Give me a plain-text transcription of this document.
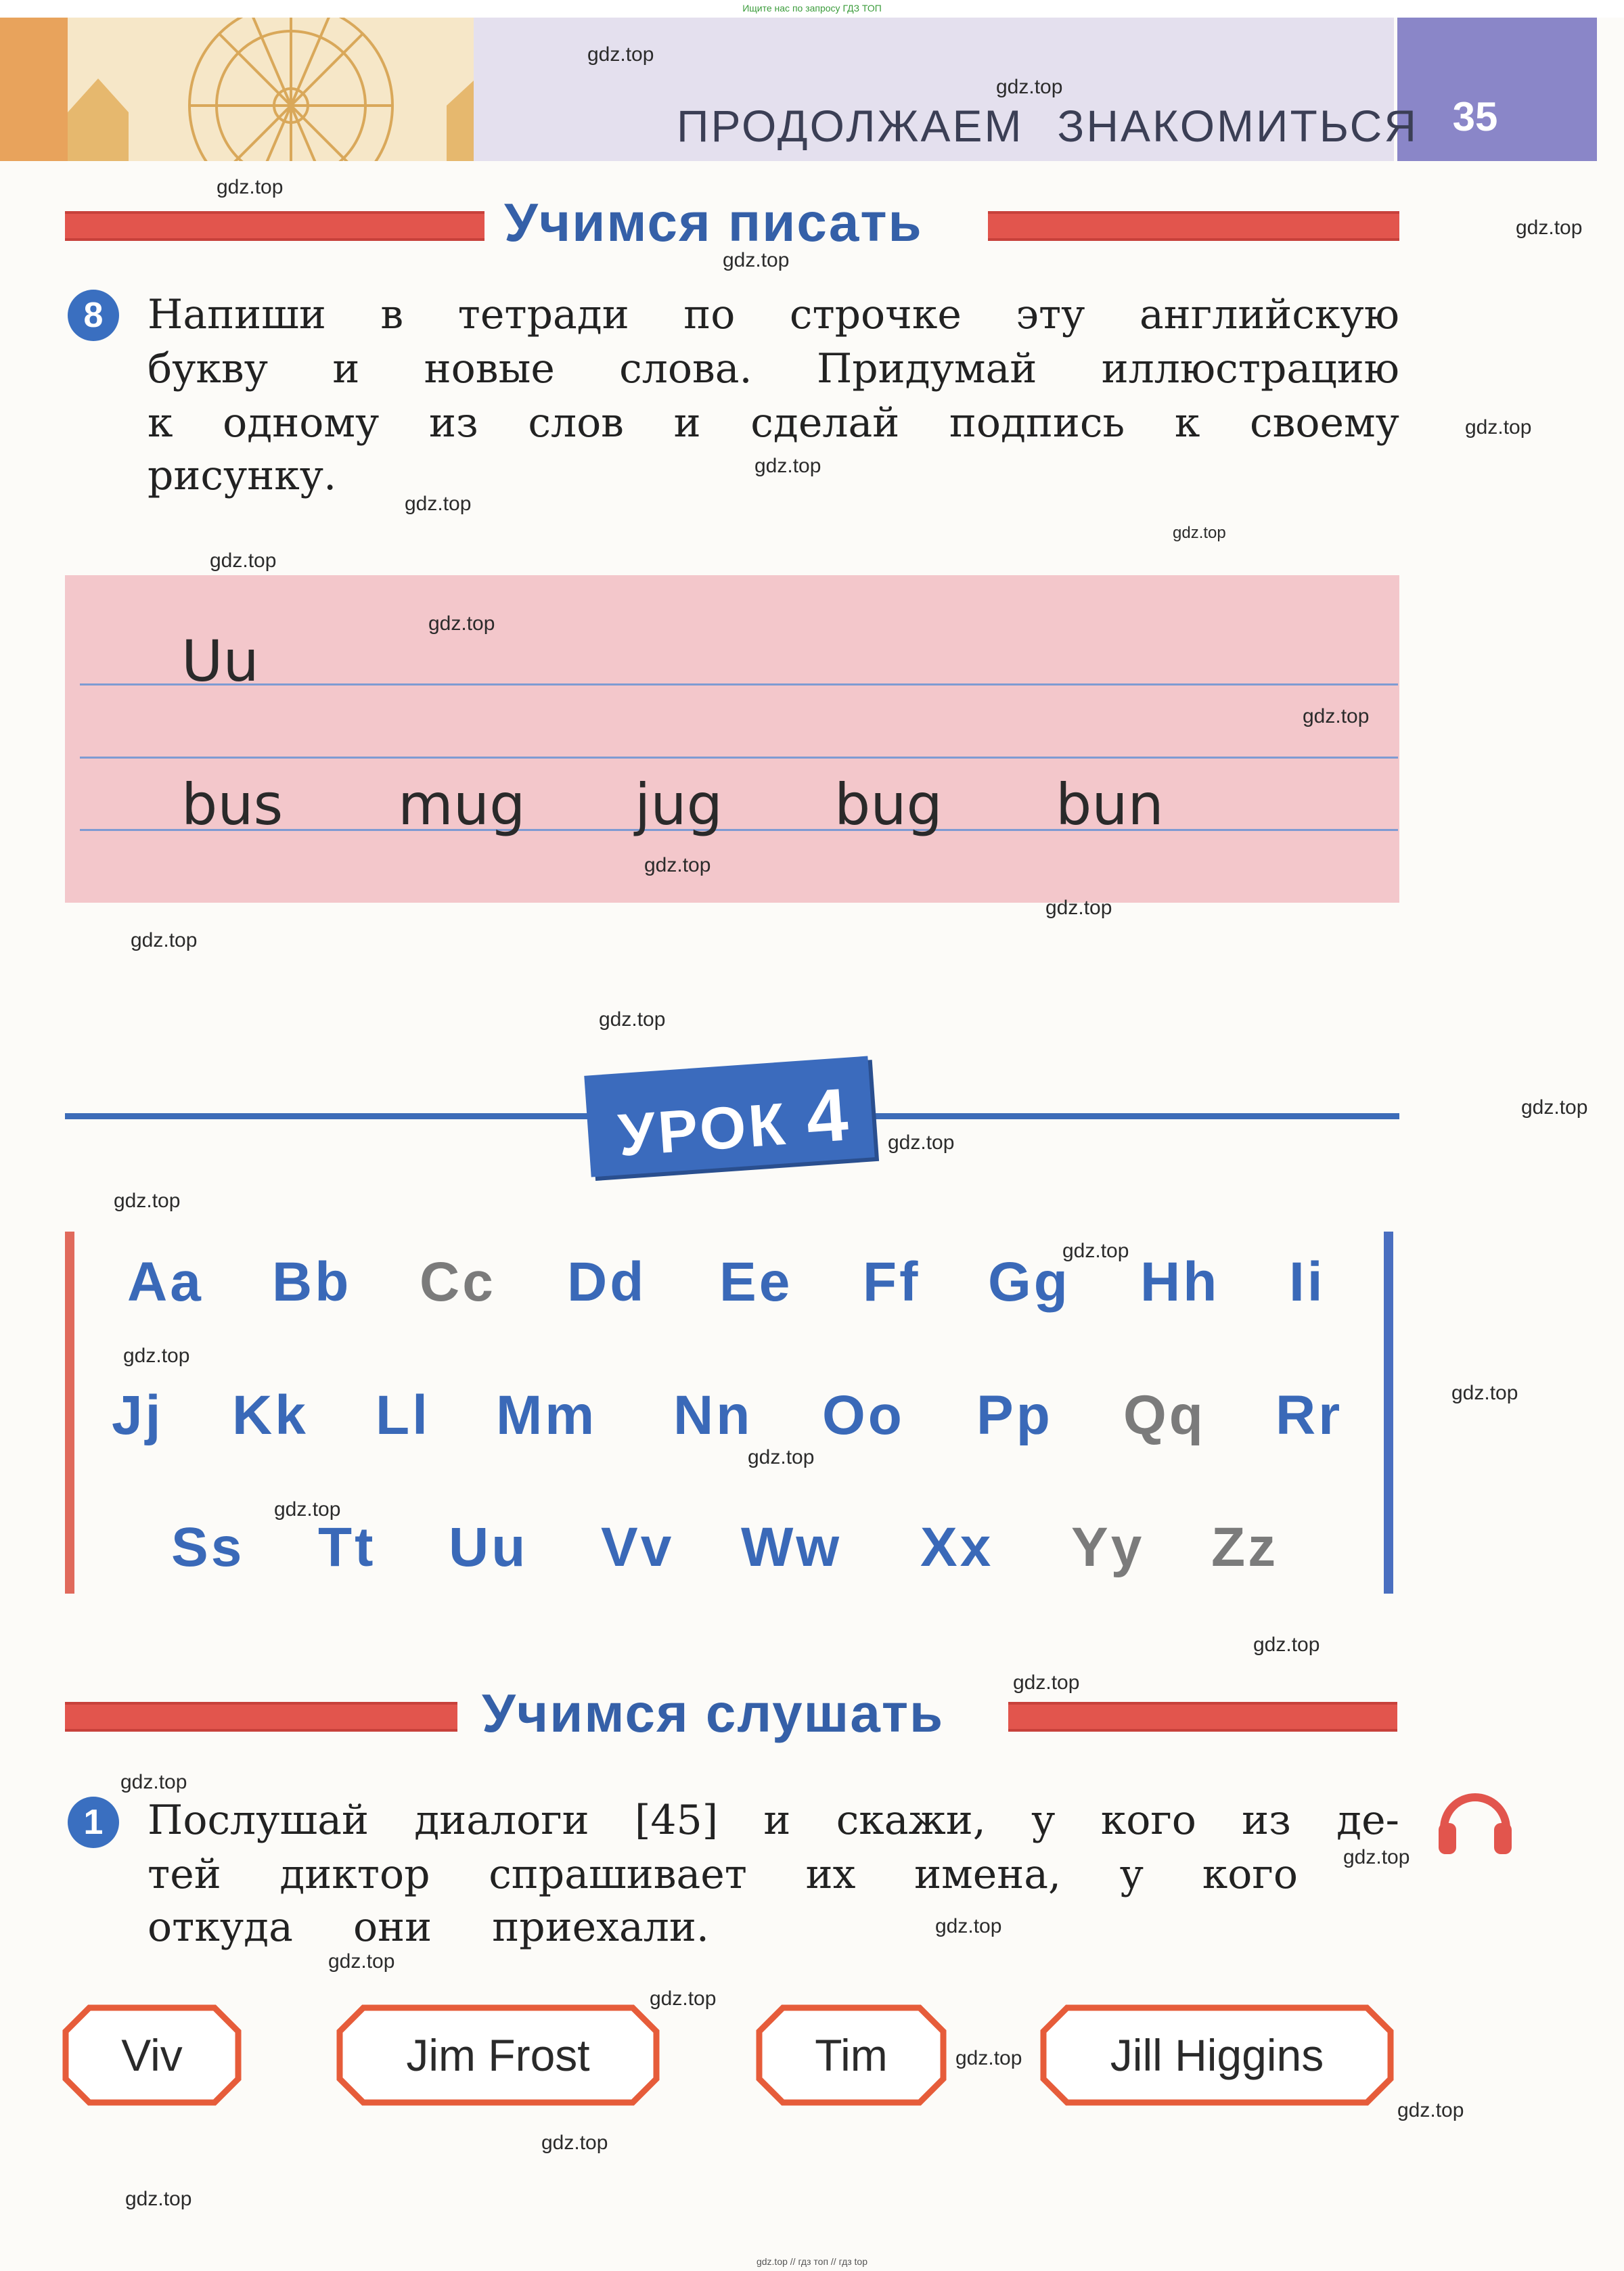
Ищите нас по запросу ГДЗ ТОП
ПРОДОЛЖАЕМ ЗНАКОМИТЬСЯ 35
Учимся писать
8	Напиши в тетради по строчке эту английскую
букву и новые слова. Придумай иллюстрацию
к одному из слов и сделай подпись к своему
рисунку.
Uu
bus mug jug bug bun
УРОК 4
Aa Bb Cc Dd Ee Ff Gg Hh Ii
Jj Kk Ll Mm Nn Oo Pp Qq Rr
Ss Tt Uu Vv Ww Xx Yy Zz
Учимся слушать
1	Послушай диалоги [45] и скажи, у кого из де-
тей диктор спрашивает их имена, у кого
откуда они приехали.
Viv	Jim Frost	Tim	Jill Higgins
gdz.top
gdz.top
gdz.top
gdz.top
gdz.top
gdz.top
gdz.top
gdz.top
gdz.top
gdz.top
gdz.top
gdz.top
gdz.top
gdz.top
gdz.top
gdz.top
gdz.top
gdz.top
gdz.top
gdz.top
gdz.top
gdz.top
gdz.top
gdz.top
gdz.top
gdz.top
gdz.top
gdz.top
gdz.top
gdz.top
gdz.top
gdz.top
gdz.top
gdz.top
gdz.top
gdz.top // гдз топ // гдз top
